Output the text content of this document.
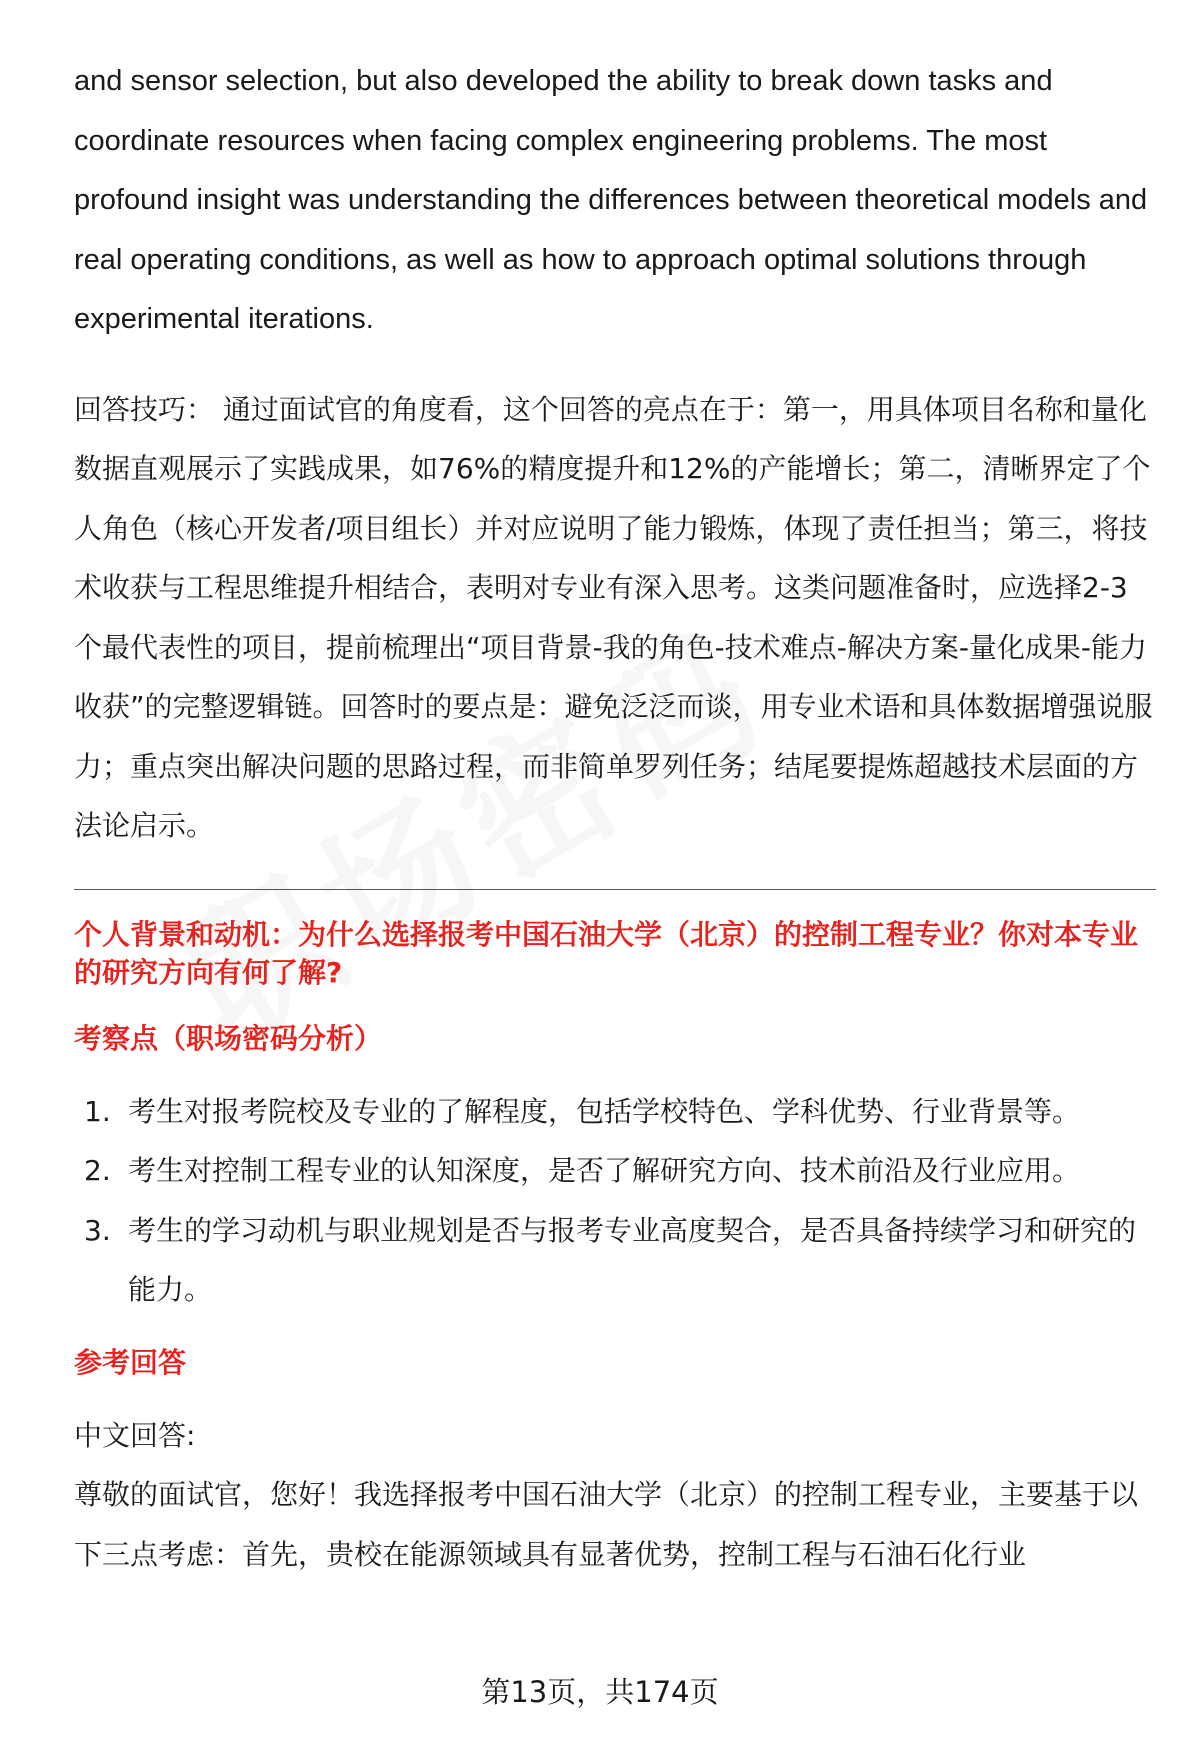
and sensor selection, but also developed the ability to break down tasks and coordinate resources when facing complex engineering problems. The most profound insight was understanding the differences between theoretical models and real operating conditions, as well as how to approach optimal solutions through experimental iterations.

回答技巧： 通过面试官的角度看，这个回答的亮点在于：第一，用具体项目名称和量化数据直观展示了实践成果，如76%的精度提升和12%的产能增长；第二，清晰界定了个人角色（核心开发者/项目组长）并对应说明了能力锻炼，体现了责任担当；第三，将技术收获与工程思维提升相结合，表明对专业有深入思考。这类问题准备时，应选择2-3个最代表性的项目，提前梳理出“项目背景-我的角色-技术难点-解决方案-量化成果-能力收获”的完整逻辑链。回答时的要点是：避免泛泛而谈，用专业术语和具体数据增强说服力；重点突出解决问题的思路过程，而非简单罗列任务；结尾要提炼超越技术层面的方法论启示。

个人背景和动机：为什么选择报考中国石油大学（北京）的控制工程专业？你对本专业的研究方向有何了解?
考察点（职场密码分析）
1. 考生对报考院校及专业的了解程度，包括学校特色、学科优势、行业背景等。
2. 考生对控制工程专业的认知深度，是否了解研究方向、技术前沿及行业应用。
3. 考生的学习动机与职业规划是否与报考专业高度契合，是否具备持续学习和研究的能力。
参考回答
中文回答:

尊敬的面试官，您好！我选择报考中国石油大学（北京）的控制工程专业，主要基于以下三点考虑：首先，贵校在能源领域具有显著优势，控制工程与石油石化行业

第13页，共174页
